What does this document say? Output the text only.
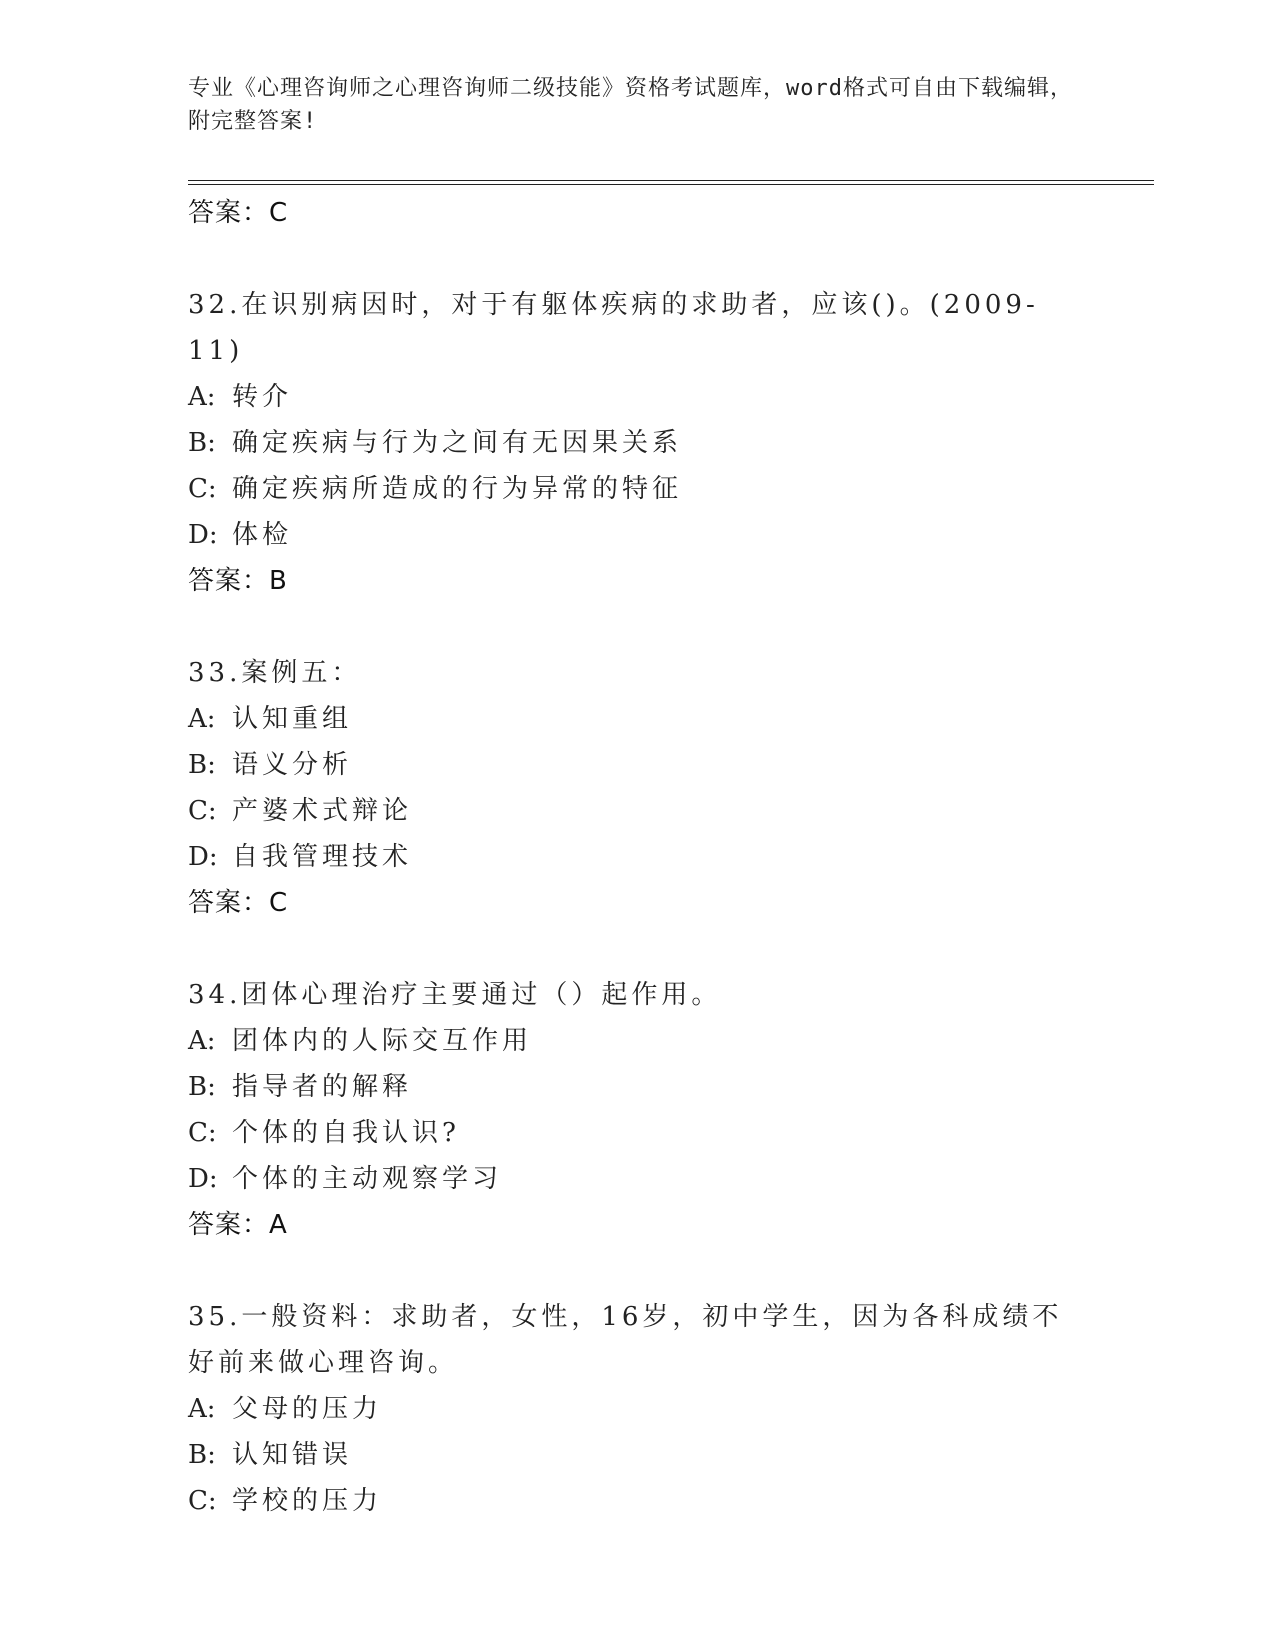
专业《心理咨询师之心理咨询师二级技能》资格考试题库，word格式可自由下载编辑，附完整答案!
答案：C
32.在识别病因时，对于有躯体疾病的求助者，应该()。(2009-11)
A: 转介
B: 确定疾病与行为之间有无因果关系
C: 确定疾病所造成的行为异常的特征
D: 体检
答案：B
33.案例五：
A: 认知重组
B: 语义分析
C: 产婆术式辩论
D: 自我管理技术
答案：C
34.团体心理治疗主要通过（）起作用。
A: 团体内的人际交互作用
B: 指导者的解释
C: 个体的自我认识?
D: 个体的主动观察学习
答案：A
35.一般资料：求助者，女性，16岁，初中学生，因为各科成绩不好前来做心理咨询。
A: 父母的压力
B: 认知错误
C: 学校的压力
